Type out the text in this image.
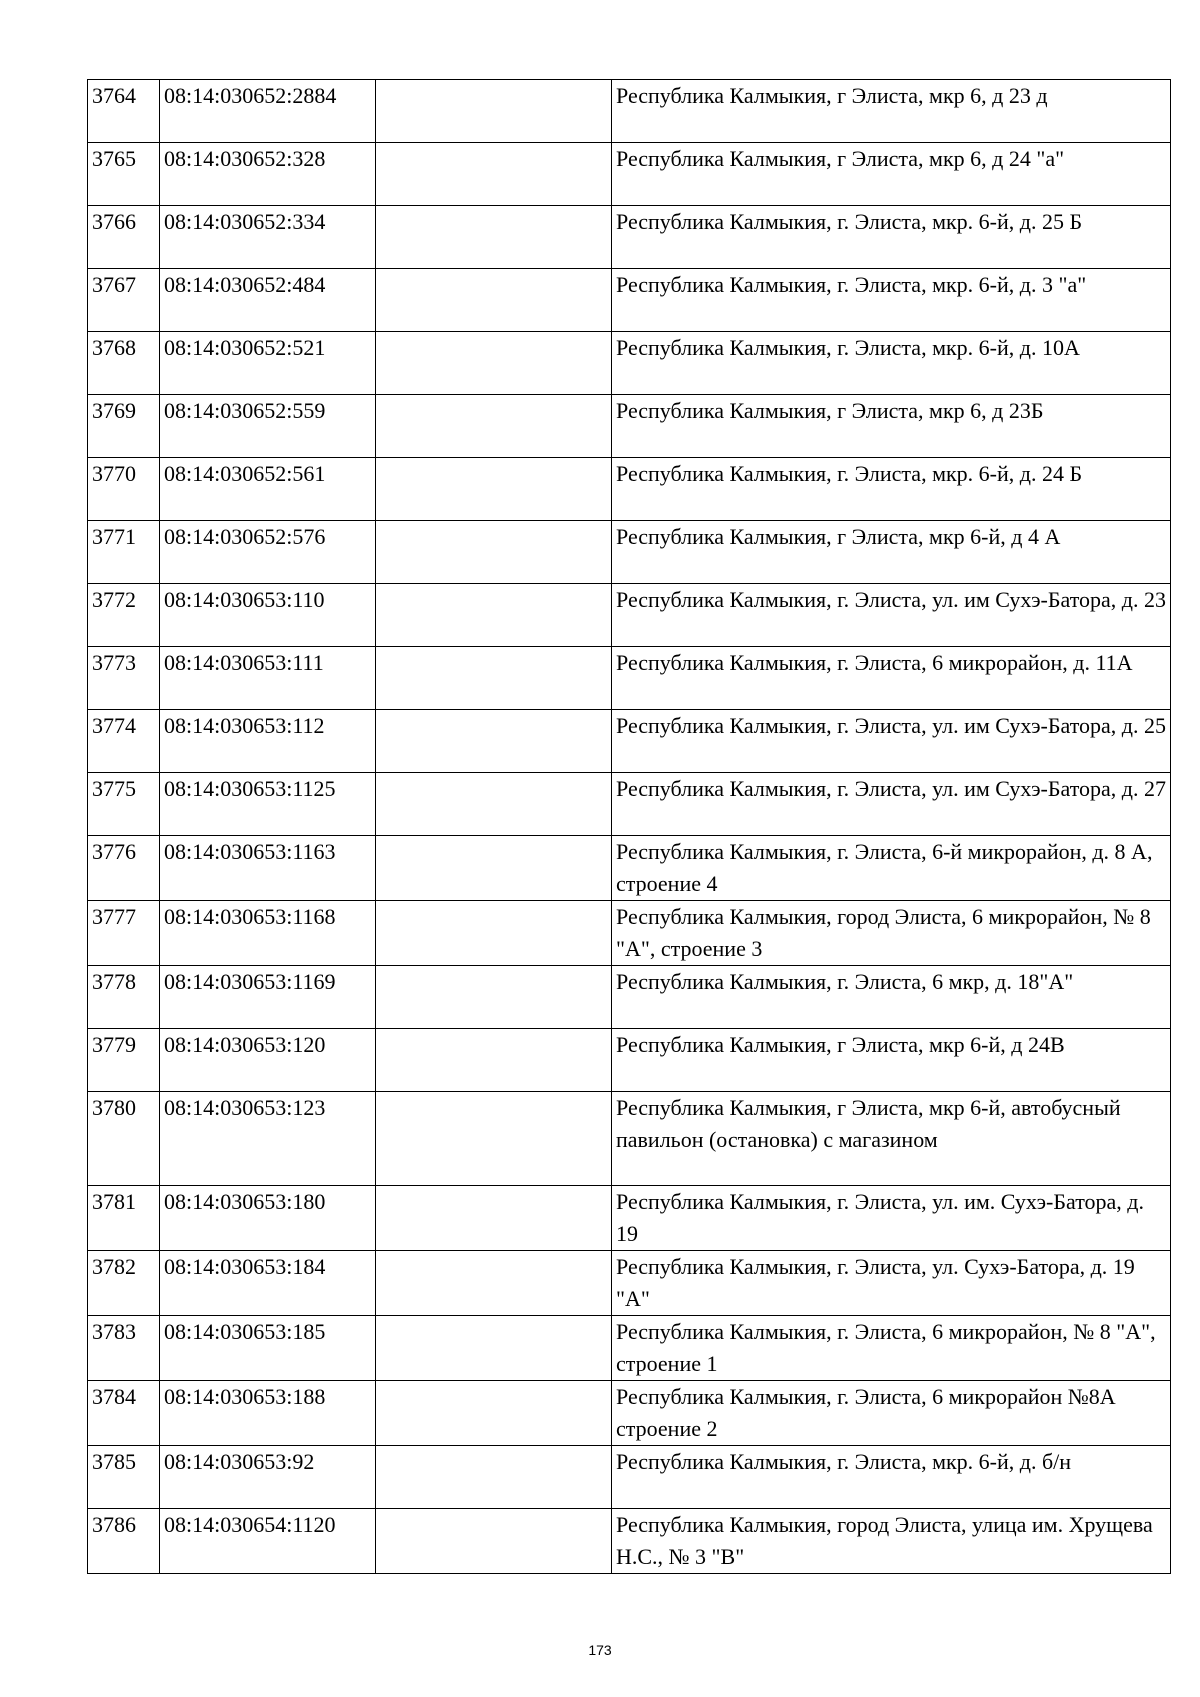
3764	08:14:030652:2884		Республика Калмыкия, г Элиста, мкр 6, д 23 д
3765	08:14:030652:328		Республика Калмыкия, г Элиста, мкр 6, д 24 "а"
3766	08:14:030652:334		Республика Калмыкия, г. Элиста, мкр. 6-й, д. 25 Б
3767	08:14:030652:484		Республика Калмыкия, г. Элиста, мкр. 6-й, д. 3 "а"
3768	08:14:030652:521		Республика Калмыкия, г. Элиста, мкр. 6-й, д. 10А
3769	08:14:030652:559		Республика Калмыкия, г Элиста, мкр 6, д 23Б
3770	08:14:030652:561		Республика Калмыкия, г. Элиста, мкр. 6-й, д. 24 Б
3771	08:14:030652:576		Республика Калмыкия, г Элиста, мкр 6-й, д 4 А
3772	08:14:030653:110		Республика Калмыкия, г. Элиста, ул. им Сухэ-Батора, д. 23
3773	08:14:030653:111		Республика Калмыкия, г. Элиста, 6 микрорайон, д. 11А
3774	08:14:030653:112		Республика Калмыкия, г. Элиста, ул. им Сухэ-Батора, д. 25
3775	08:14:030653:1125		Республика Калмыкия, г. Элиста, ул. им Сухэ-Батора, д. 27
3776	08:14:030653:1163		Республика Калмыкия, г. Элиста, 6-й микрорайон, д. 8 А, строение 4
3777	08:14:030653:1168		Республика Калмыкия, город Элиста, 6 микрорайон, № 8 "А", строение 3
3778	08:14:030653:1169		Республика Калмыкия, г. Элиста, 6 мкр, д. 18"А"
3779	08:14:030653:120		Республика Калмыкия, г Элиста, мкр 6-й, д 24В
3780	08:14:030653:123		Республика Калмыкия, г Элиста, мкр 6-й, автобусный павильон (остановка) с магазином
3781	08:14:030653:180		Республика Калмыкия, г. Элиста, ул. им. Сухэ-Батора, д. 19
3782	08:14:030653:184		Республика Калмыкия, г. Элиста, ул. Сухэ-Батора, д. 19 "А"
3783	08:14:030653:185		Республика Калмыкия, г. Элиста, 6 микрорайон, № 8 "А", строение 1
3784	08:14:030653:188		Республика Калмыкия, г. Элиста, 6 микрорайон №8А строение 2
3785	08:14:030653:92		Республика Калмыкия, г. Элиста, мкр. 6-й, д. б/н
3786	08:14:030654:1120		Республика Калмыкия, город Элиста, улица им. Хрущева Н.С., № 3 "В"
173
